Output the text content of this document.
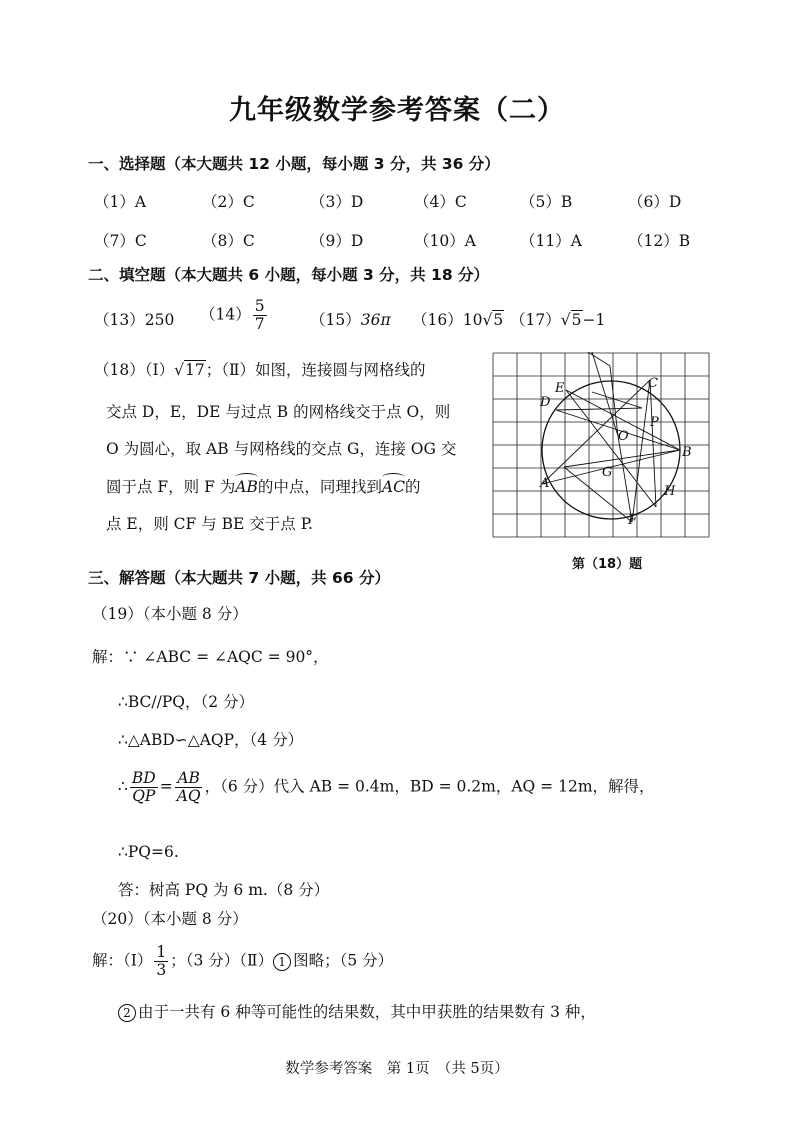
九年级数学参考答案（二）
一、选择题（本大题共 12 小题，每小题 3 分，共 36 分）
（1）A	（2）C	（3）D	（4）C	（5）B	（6）D
（7）C	（8）C	（9）D	（10）A	（11）A	（12）B
二、填空题（本大题共 6 小题，每小题 3 分，共 18 分）
（13）250 $(14) \frac{5}{7}$	（15）36π （16）10√5 （17）√5−1
（18）（Ⅰ）√17；（Ⅱ）如图，连接圆与网格线的
交点 D，E，DE 与过点 B 的网格线交于点 O，则
O 为圆心，取 AB 与网格线的交点 G，连接 OG 交
圆于点 F，则 F 为AB的中点，同理找到AC的
点 E，则 CF 与 BE 交于点 P.
E	C
D
P
O
B
G
A
H
F
第（18）题
三、解答题（本大题共 7 小题，共 66 分）
（19）（本小题 8 分）
解：∵ ∠ABC = ∠AQC = 90°，
∴BC//PQ，（2 分）
∴△ABD∽△AQP，（4 分）
∴ $\frac{BD}{QP} = \frac{AB}{AQ}$ ，（6 分）代入 AB = 0.4m，BD = 0.2m，AQ = 12m，解得，
∴PQ=6.
答：树高 PQ 为 6 m.（8 分）
（20）（本小题 8 分）
解：（Ⅰ） $\frac{1}{3}$ ；（3 分）（Ⅱ） 1 图略；（5 分）
2 由于一共有 6 种等可能性的结果数，其中甲获胜的结果数有 3 种，
数学参考答案　第 1页　（共 5页）
